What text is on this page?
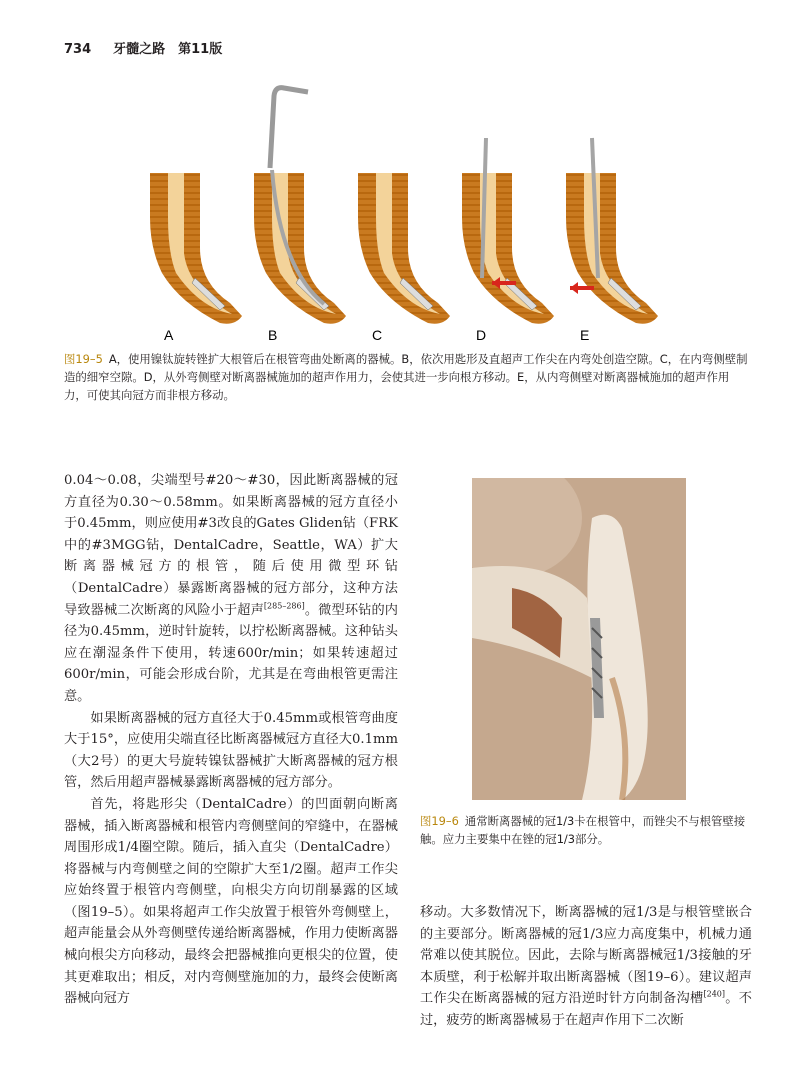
734 牙髓之路　第11版
A	B	C	D	E
图19–5 A，使用镍钛旋转锉扩大根管后在根管弯曲处断离的器械。B，依次用匙形及直超声工作尖在内弯处创造空隙。C，在内弯侧壁制造的细窄空隙。D，从外弯侧壁对断离器械施加的超声作用力，会使其进一步向根方移动。E，从内弯侧壁对断离器械施加的超声作用力，可使其向冠方而非根方移动。

0.04～0.08，尖端型号#20～#30，因此断离器械的冠方直径为0.30～0.58mm。如果断离器械的冠方直径小于0.45mm，则应使用#3改良的Gates Gliden钻（FRK中的#3MGG钻，DentalCadre，Seattle，WA）扩大断离器械冠方的根管，随后使用微型环钻（DentalCadre）暴露断离器械的冠方部分，这种方法导致器械二次断离的风险小于超声[285–286]。微型环钻的内径为0.45mm，逆时针旋转，以拧松断离器械。这种钻头应在潮湿条件下使用，转速600r/min；如果转速超过600r/min，可能会形成台阶，尤其是在弯曲根管更需注意。

如果断离器械的冠方直径大于0.45mm或根管弯曲度大于15°，应使用尖端直径比断离器械冠方直径大0.1mm（大2号）的更大号旋转镍钛器械扩大断离器械的冠方根管，然后用超声器械暴露断离器械的冠方部分。

首先，将匙形尖（DentalCadre）的凹面朝向断离器械，插入断离器械和根管内弯侧壁间的窄缝中，在器械周围形成1/4圈空隙。随后，插入直尖（DentalCadre）将器械与内弯侧壁之间的空隙扩大至1/2圈。超声工作尖应始终置于根管内弯侧壁，向根尖方向切削暴露的区域（图19–5）。如果将超声工作尖放置于根管外弯侧壁上，超声能量会从外弯侧壁传递给断离器械，作用力使断离器械向根尖方向移动，最终会把器械推向更根尖的位置，使其更难取出；相反，对内弯侧壁施加的力，最终会使断离器械向冠方

图19–6 通常断离器械的冠1/3卡在根管中，而锉尖不与根管壁接触。应力主要集中在锉的冠1/3部分。

移动。大多数情况下，断离器械的冠1/3是与根管壁嵌合的主要部分。断离器械的冠1/3应力高度集中，机械力通常难以使其脱位。因此，去除与断离器械冠1/3接触的牙本质壁，利于松解并取出断离器械（图19–6）。建议超声工作尖在断离器械的冠方沿逆时针方向制备沟槽[240]。不过，疲劳的断离器械易于在超声作用下二次断
